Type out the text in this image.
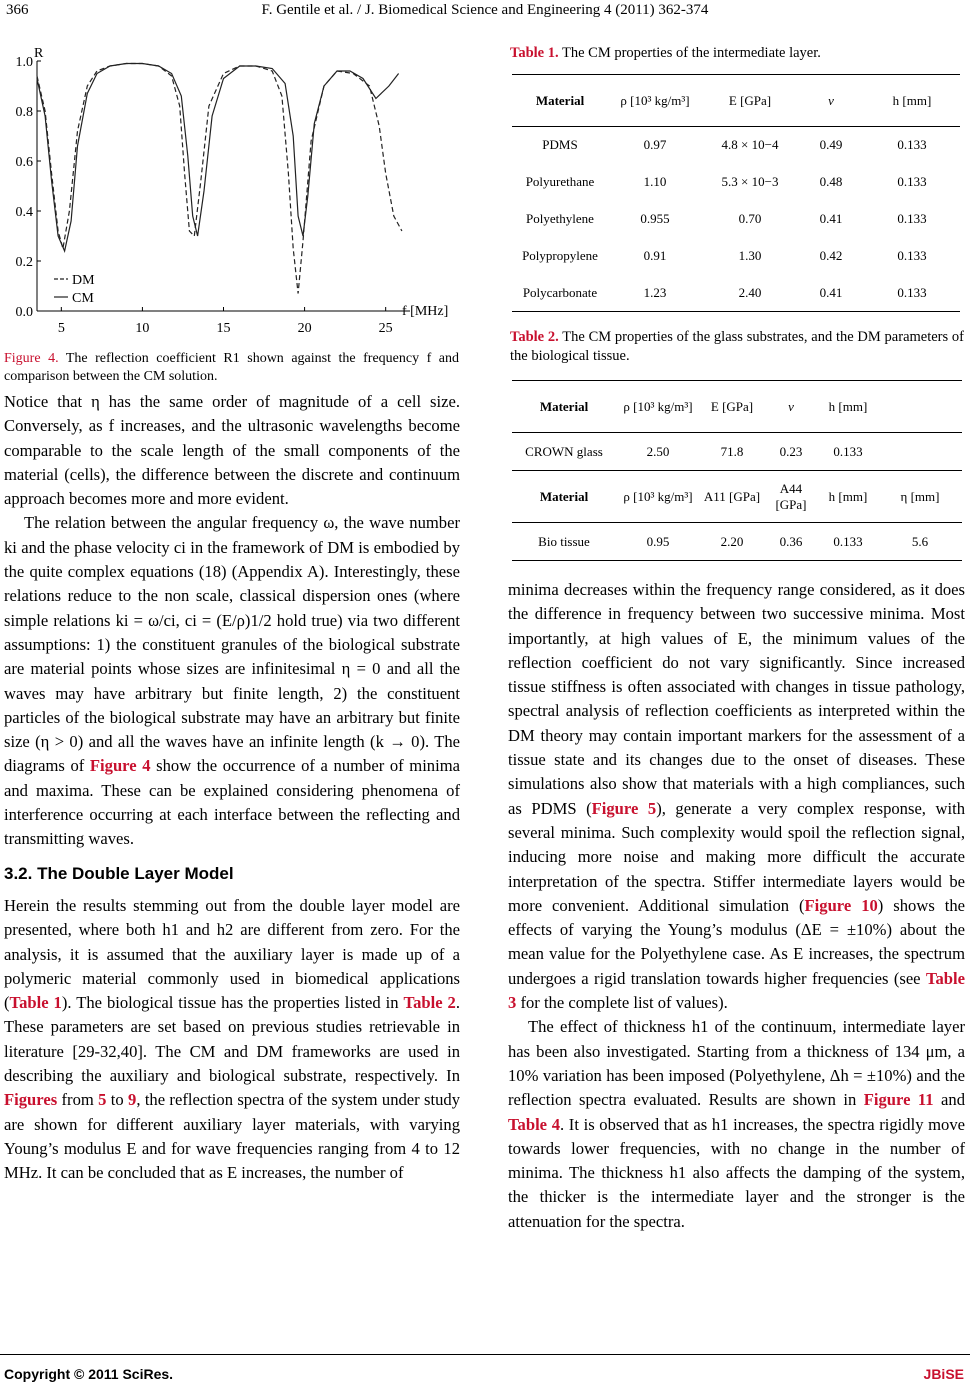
366	F. Gentile et al. / J. Biomedical Science and Engineering 4 (2011) 362-374
1.0
0.8
0.6
0.4
0.2
0.0
5	10	15	20	25
R
f [MHz]
DM
CM
Figure 4. The reflection coefficient R1 shown against the frequency f and comparison between the CM solution.

Notice that η has the same order of magnitude of a cell size. Conversely, as f increases, and the ultrasonic wavelengths become comparable to the scale length of the small components of the material (cells), the difference between the discrete and continuum approach becomes more and more evident.

The relation between the angular frequency ω, the wave number ki and the phase velocity ci in the framework of DM is embodied by the quite complex equations (18) (Appendix A). Interestingly, these relations reduce to the non scale, classical dispersion ones (where simple relations ki = ω/ci, ci = (E/ρ)1/2 hold true) via two different assumptions: 1) the constituent granules of the biological substrate are material points whose sizes are infinitesimal η = 0 and all the waves may have arbitrary but finite length, 2) the constituent particles of the biological substrate may have an arbitrary but finite size (η > 0) and all the waves have an infinite length (k → 0). The diagrams of Figure 4 show the occurrence of a number of minima and maxima. These can be explained considering phenomena of interference occurring at each interface between the reflecting and transmitting waves.

3.2. The Double Layer Model

Herein the results stemming out from the double layer model are presented, where both h1 and h2 are different from zero. For the analysis, it is assumed that the auxiliary layer is made up of a polymeric material commonly used in biomedical applications (Table 1). The biological tissue has the properties listed in Table 2. These parameters are set based on previous studies retrievable in literature [29-32,40]. The CM and DM frameworks are used in describing the auxiliary and biological substrate, respectively. In Figures from 5 to 9, the reflection spectra of the system under study are shown for different auxiliary layer materials, with varying Young’s modulus E and for wave frequencies ranging from 4 to 12 MHz. It can be concluded that as E increases, the number of

Table 1. The CM properties of the intermediate layer.
Material	ρ [10³ kg/m³]	E [GPa]	ν	h [mm]
PDMS	0.97	4.8 × 10−4	0.49	0.133
Polyurethane	1.10	5.3 × 10−3	0.48	0.133
Polyethylene	0.955	0.70	0.41	0.133
Polypropylene	0.91	1.30	0.42	0.133
Polycarbonate	1.23	2.40	0.41	0.133
Table 2. The CM properties of the glass substrates, and the DM parameters of the biological tissue.
Material	ρ [10³ kg/m³]	E [GPa]	ν	h [mm]	
CROWN glass	2.50	71.8	0.23	0.133	
Material	ρ [10³ kg/m³]	A11 [GPa]	A44 [GPa]	h [mm]	η [mm]
Bio tissue	0.95	2.20	0.36	0.133	5.6

minima decreases within the frequency range considered, as it does the difference in frequency between two successive minima. Most importantly, at high values of E, the minimum values of the reflection coefficient do not vary significantly. Since increased tissue stiffness is often associated with changes in tissue pathology, spectral analysis of reflection coefficients as interpreted within the DM theory may contain important markers for the assessment of a tissue state and its changes due to the onset of diseases. These simulations also show that materials with a high compliances, such as PDMS (Figure 5), generate a very complex response, with several minima. Such complexity would spoil the reflection signal, inducing more noise and making more difficult the accurate interpretation of the spectra. Stiffer intermediate layers would be more convenient. Additional simulation (Figure 10) shows the effects of varying the Young’s modulus (ΔE = ±10%) about the mean value for the Polyethylene case. As E increases, the spectrum undergoes a rigid translation towards higher frequencies (see Table 3 for the complete list of values).

The effect of thickness h1 of the continuum, intermediate layer has been also investigated. Starting from a thickness of 134 μm, a 10% variation has been imposed (Polyethylene, Δh = ±10%) and the reflection spectra evaluated. Results are shown in Figure 11 and Table 4. It is observed that as h1 increases, the spectra rigidly move towards lower frequencies, with no change in the number of minima. The thickness h1 also affects the damping of the system, the thicker is the intermediate layer and the stronger is the attenuation for the spectra.

Copyright © 2011 SciRes.	JBiSE
